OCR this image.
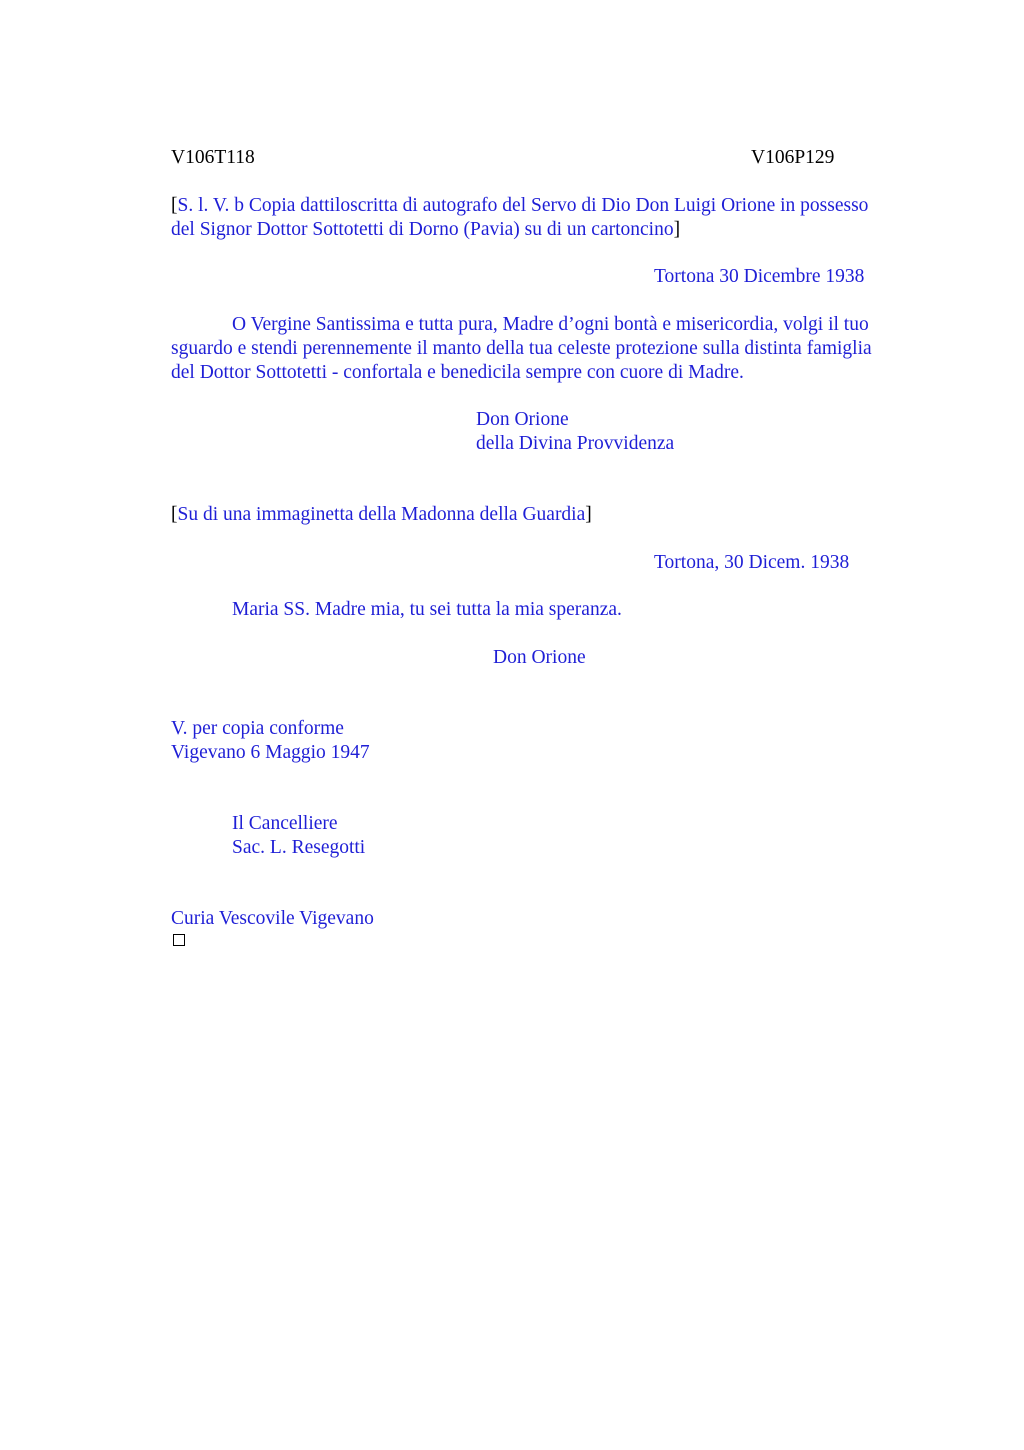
V106T118	V106P129
[S. l. V. b Copia dattiloscritta di autografo del Servo di Dio Don Luigi Orione in possesso
del Signor Dottor Sottotetti di Dorno (Pavia) su di un cartoncino]
Tortona 30 Dicembre 1938
O Vergine Santissima e tutta pura, Madre d’ogni bontà e misericordia, volgi il tuo
sguardo e stendi perennemente il manto della tua celeste protezione sulla distinta famiglia
del Dottor Sottotetti - confortala e benedicila sempre con cuore di Madre.
Don Orione
della Divina Provvidenza
[Su di una immaginetta della Madonna della Guardia]
Tortona, 30 Dicem. 1938
Maria SS. Madre mia, tu sei tutta la mia speranza.
Don Orione
V. per copia conforme
Vigevano 6 Maggio 1947
Il Cancelliere
Sac. L. Resegotti
Curia Vescovile Vigevano
